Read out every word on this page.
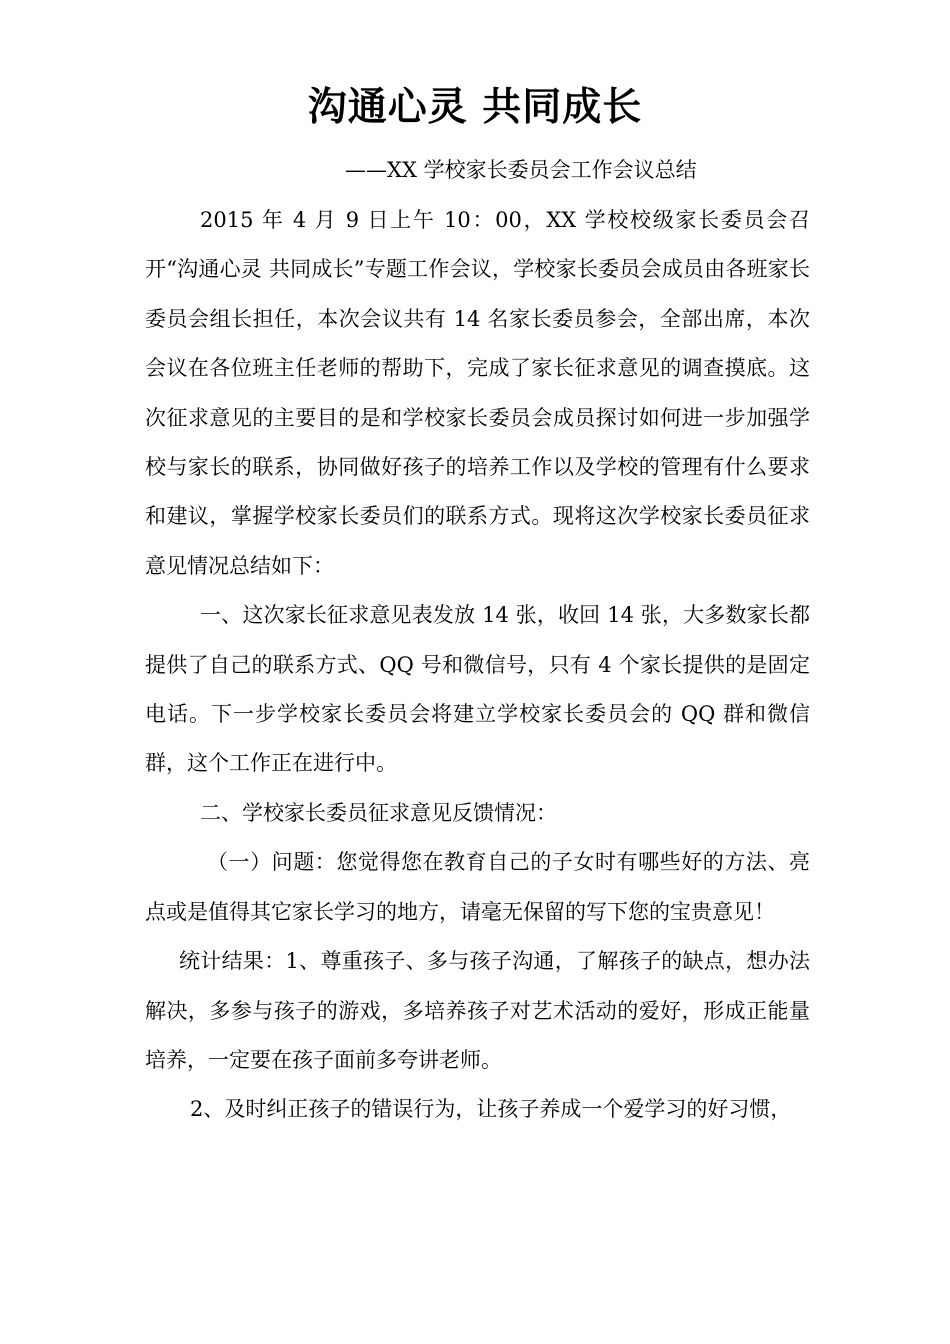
沟通心灵 共同成长

——XX 学校家长委员会工作会议总结

2015 年 4 月 9 日上午 10：00，XX 学校校级家长委员会召开“沟通心灵 共同成长”专题工作会议，学校家长委员会成员由各班家长委员会组长担任，本次会议共有 14 名家长委员参会，全部出席，本次会议在各位班主任老师的帮助下，完成了家长征求意见的调查摸底。这次征求意见的主要目的是和学校家长委员会成员探讨如何进一步加强学校与家长的联系，协同做好孩子的培养工作以及学校的管理有什么要求和建议，掌握学校家长委员们的联系方式。现将这次学校家长委员征求意见情况总结如下：

一、这次家长征求意见表发放 14 张，收回 14 张，大多数家长都提供了自己的联系方式、QQ 号和微信号，只有 4 个家长提供的是固定电话。下一步学校家长委员会将建立学校家长委员会的 QQ 群和微信群，这个工作正在进行中。

二、学校家长委员征求意见反馈情况：

（一）问题：您觉得您在教育自己的子女时有哪些好的方法、亮点或是值得其它家长学习的地方，请毫无保留的写下您的宝贵意见！

统计结果：1、尊重孩子、多与孩子沟通，了解孩子的缺点，想办法解决，多参与孩子的游戏，多培养孩子对艺术活动的爱好，形成正能量培养，一定要在孩子面前多夸讲老师。

2、及时纠正孩子的错误行为，让孩子养成一个爱学习的好习惯，
